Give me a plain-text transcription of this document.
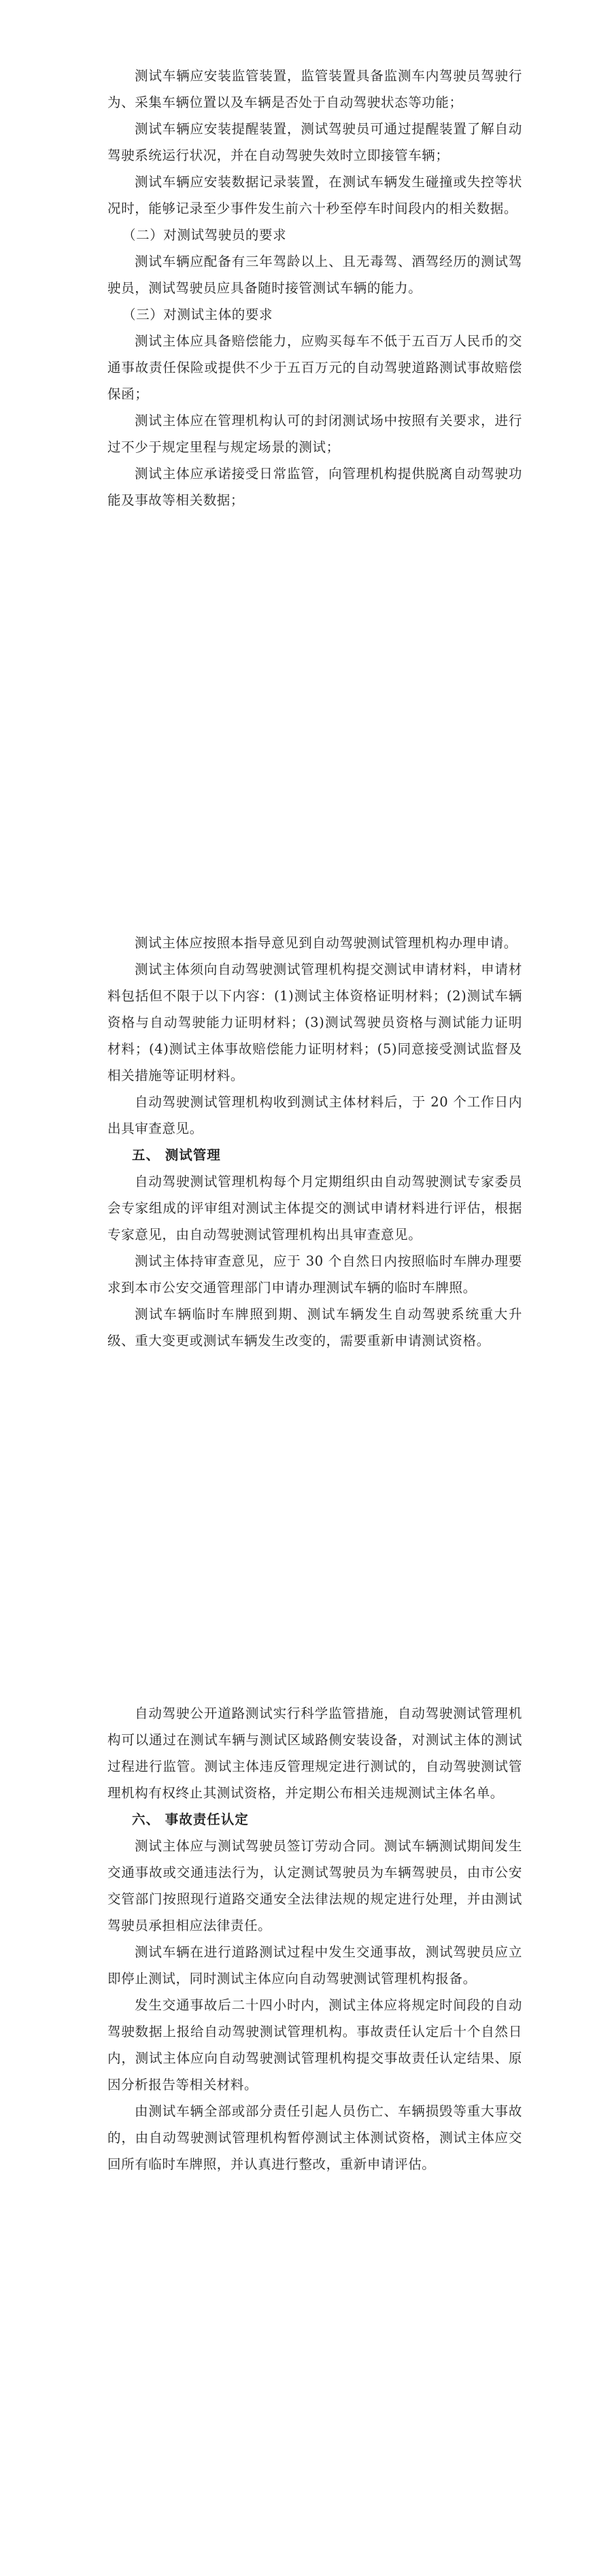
测试车辆应安装监管装置，监管装置具备监测车内驾驶员驾驶行为、采集车辆位置以及车辆是否处于自动驾驶状态等功能；

测试车辆应安装提醒装置，测试驾驶员可通过提醒装置了解自动驾驶系统运行状况，并在自动驾驶失效时立即接管车辆；

测试车辆应安装数据记录装置，在测试车辆发生碰撞或失控等状况时，能够记录至少事件发生前六十秒至停车时间段内的相关数据。

（二）对测试驾驶员的要求

测试车辆应配备有三年驾龄以上、且无毒驾、酒驾经历的测试驾驶员，测试驾驶员应具备随时接管测试车辆的能力。

（三）对测试主体的要求

测试主体应具备赔偿能力，应购买每车不低于五百万人民币的交通事故责任保险或提供不少于五百万元的自动驾驶道路测试事故赔偿保函；

测试主体应在管理机构认可的封闭测试场中按照有关要求，进行过不少于规定里程与规定场景的测试；

测试主体应承诺接受日常监管，向管理机构提供脱离自动驾驶功能及事故等相关数据；

测试主体应按照本指导意见到自动驾驶测试管理机构办理申请。

测试主体须向自动驾驶测试管理机构提交测试申请材料，申请材料包括但不限于以下内容：(1)测试主体资格证明材料；(2)测试车辆资格与自动驾驶能力证明材料；(3)测试驾驶员资格与测试能力证明材料；(4)测试主体事故赔偿能力证明材料；(5)同意接受测试监督及相关措施等证明材料。

自动驾驶测试管理机构收到测试主体材料后，于 20 个工作日内出具审查意见。

五、 测试管理

自动驾驶测试管理机构每个月定期组织由自动驾驶测试专家委员会专家组成的评审组对测试主体提交的测试申请材料进行评估，根据专家意见，由自动驾驶测试管理机构出具审查意见。

测试主体持审查意见，应于 30 个自然日内按照临时车牌办理要求到本市公安交通管理部门申请办理测试车辆的临时车牌照。

测试车辆临时车牌照到期、测试车辆发生自动驾驶系统重大升级、重大变更或测试车辆发生改变的，需要重新申请测试资格。

自动驾驶公开道路测试实行科学监管措施，自动驾驶测试管理机构可以通过在测试车辆与测试区域路侧安装设备，对测试主体的测试过程进行监管。测试主体违反管理规定进行测试的，自动驾驶测试管理机构有权终止其测试资格，并定期公布相关违规测试主体名单。

六、 事故责任认定

测试主体应与测试驾驶员签订劳动合同。测试车辆测试期间发生交通事故或交通违法行为，认定测试驾驶员为车辆驾驶员，由市公安交管部门按照现行道路交通安全法律法规的规定进行处理，并由测试驾驶员承担相应法律责任。

测试车辆在进行道路测试过程中发生交通事故，测试驾驶员应立即停止测试，同时测试主体应向自动驾驶测试管理机构报备。

发生交通事故后二十四小时内，测试主体应将规定时间段的自动驾驶数据上报给自动驾驶测试管理机构。事故责任认定后十个自然日内，测试主体应向自动驾驶测试管理机构提交事故责任认定结果、原因分析报告等相关材料。

由测试车辆全部或部分责任引起人员伤亡、车辆损毁等重大事故的，由自动驾驶测试管理机构暂停测试主体测试资格，测试主体应交回所有临时车牌照，并认真进行整改，重新申请评估。
